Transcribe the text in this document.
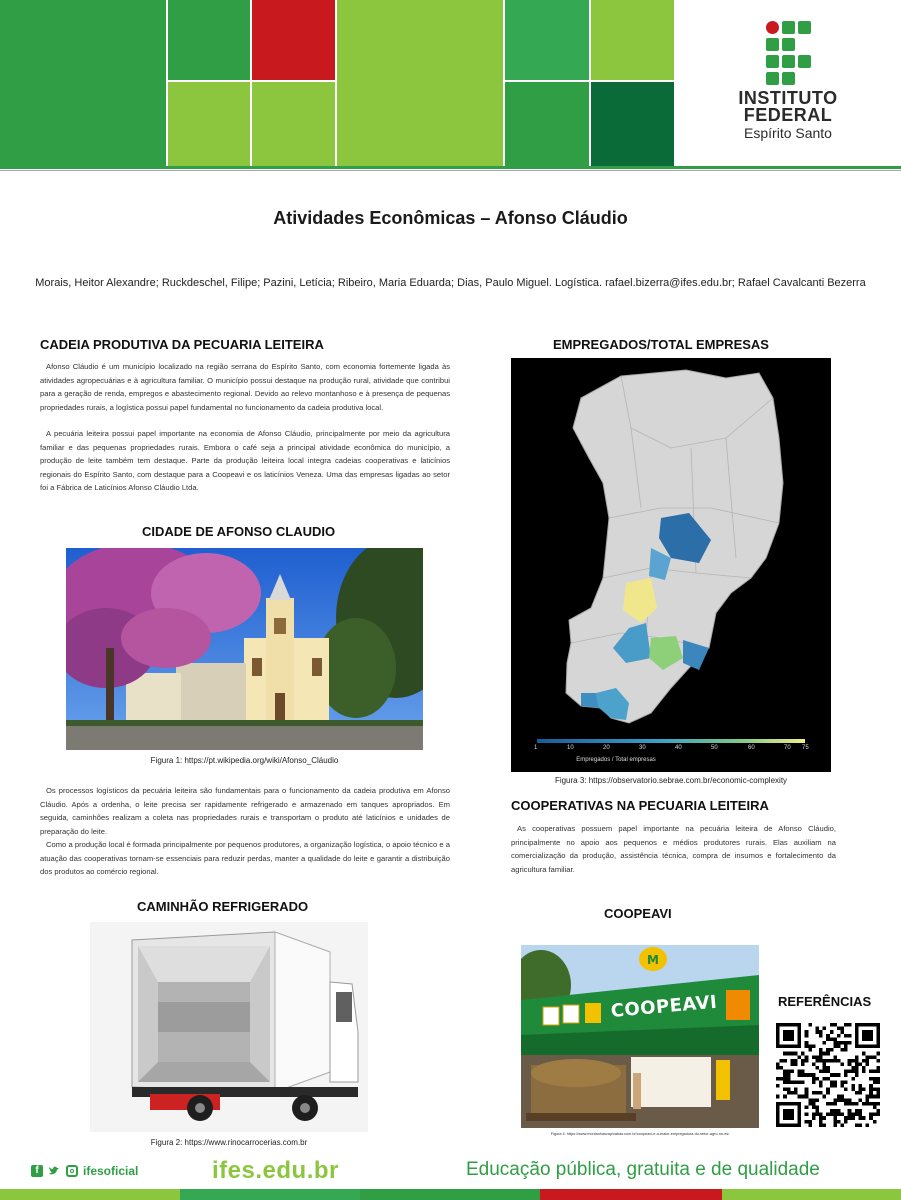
INSTITUTO
FEDERAL
Espírito Santo
Atividades Econômicas – Afonso Cláudio
Morais, Heitor Alexandre; Ruckdeschel, Filipe; Pazini, Letícia; Ribeiro, Maria Eduarda; Dias, Paulo Miguel. Logística. rafael.bizerra@ifes.edu.br; Rafael Cavalcanti Bezerra
CADEIA PRODUTIVA DA PECUARIA LEITEIRA

Afonso Cláudio é um município localizado na região serrana do Espírito Santo, com economia fortemente ligada às atividades agropecuárias e à agricultura familiar. O município possui destaque na produção rural, atividade que contribui para a geração de renda, empregos e abastecimento regional. Devido ao relevo montanhoso e à presença de pequenas propriedades rurais, a logística possui papel fundamental no funcionamento da cadeia produtiva local.

A pecuária leiteira possui papel importante na economia de Afonso Cláudio, principalmente por meio da agricultura familiar e das pequenas propriedades rurais. Embora o café seja a principal atividade econômica do município, a produção de leite também tem destaque. Parte da produção leiteira local integra cadeias cooperativas e laticínios regionais do Espírito Santo, com destaque para a Coopeavi e os laticínios Veneza. Uma das empresas ligadas ao setor foi a Fábrica de Laticínios Afonso Cláudio Ltda.

CIDADE DE AFONSO CLAUDIO
Figura 1: https://pt.wikipedia.org/wiki/Afonso_Cláudio

Os processos logísticos da pecuária leiteira são fundamentais para o funcionamento da cadeia produtiva em Afonso Cláudio. Após a ordenha, o leite precisa ser rapidamente refrigerado e armazenado em tanques apropriados. Em seguida, caminhões realizam a coleta nas propriedades rurais e transportam o produto até laticínios e unidades de preparação do leite.

Como a produção local é formada principalmente por pequenos produtores, a organização logística, o apoio técnico e a atuação das cooperativas tornam-se essenciais para reduzir perdas, manter a qualidade do leite e garantir a distribuição dos produtos ao comércio regional.

CAMINHÃO REFRIGERADO
Figura 2: https://www.rinocarrocerias.com.br
EMPREGADOS/TOTAL EMPRESAS
1	10	20	30	40	50	60	70 75
Empregados / Total empresas
Figura 3: https://observatorio.sebrae.com.br/economic-complexity
COOPERATIVAS NA PECUARIA LEITEIRA

As cooperativas possuem papel importante na pecuária leiteira de Afonso Cláudio, principalmente no apoio aos pequenos e médios produtores rurais. Elas auxiliam na comercialização da produção, assistência técnica, compra de insumos e fortalecimento da agricultura familiar.

COOPEAVI
M
COOPEAVI
Figura 4: https://www.montanhascapixabas.com.br/coopeavi-e-a-maior-empregadora-do-setor-agro-no-es/
REFERÊNCIAS
f	ifesoficial	ifes.edu.br	Educação pública, gratuita e de qualidade
